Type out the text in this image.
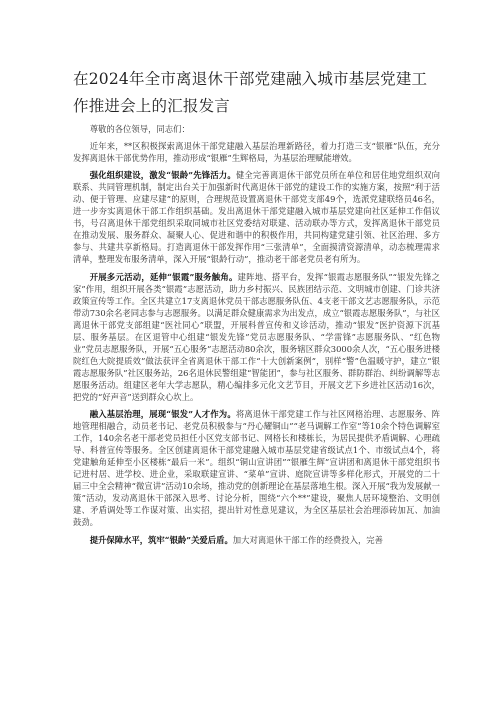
在2024年全市离退休干部党建融入城市基层党建工
作推进会上的汇报发言

尊敬的各位领导，同志们：

近年来，**区积极探索离退休干部党建融入基层治理新路径，着力打造三支“银雁”队伍，充分发挥离退休干部优势作用，推动形成“银雁”生辉格局，为基层治理赋能增效。

强化组织建设，激发“银龄”先锋活力。健全完善离退休干部党员所在单位和居住地党组织双向联系、共同管理机制，制定出台关于加强新时代离退休干部党的建设工作的实施方案，按照“利于活动、便于管理、应建尽建”的原则，合理规范设置离退休干部党支部49个，选派党建联络员46名，进一步夯实离退休干部工作组织基础。发出离退休干部党建融入城市基层党建向社区延伸工作倡议书，号召离退休干部党组织采取同城市社区党委结对联建、活动联办等方式，发挥离退休干部党员在推动发展、服务群众、凝聚人心、促进和谐中的积极作用，共同构建党建引领、社区治理、多方参与、共建共享新格局。打造离退休干部发挥作用“三张清单”，全面摸清资源清单，动态梳理需求清单，整理发布服务清单，深入开展“银龄行动”，推动老干部老党员老有所为。

开展多元活动，延伸“银霞”服务触角。建阵地、搭平台，发挥“银霞志愿服务队”“银发先锋之家”作用，组织开展各类“银霞”志愿活动，助力乡村振兴、民族团结示范、文明城市创建、门诊共济政策宣传等工作。全区共建立17支离退休党员干部志愿服务队伍、4支老干部文艺志愿服务队，示范带动730余名老同志参与志愿服务。以满足群众健康需求为出发点，成立“银霞志愿服务队”，与社区离退休干部党支部组建“医社同心”联盟，开展科普宣传和义诊活动，推动“银发”医护资源下沉基层、服务基层。在区退管中心组建“银发先锋”党员志愿服务队、“学雷锋”志愿服务队、“红色物业”党员志愿服务队，开展“五心服务”志愿活动80余次，服务辖区群众3000余人次，“五心服务进楼院红色大院提质效”做法获评全省离退休干部工作“十大创新案例”，别样“警”色温暖守护，建立“银霞志愿服务队”社区服务站，26名退休民警组建“智能团”，参与社区服务、群防群治、纠纷调解等志愿服务活动。组建区老年大学志愿队，精心编排多元化文艺节目，开展文艺下乡进社区活动16次，把党的“好声音”送到群众心坎上。

融入基层治理，展现“银发”人才作为。将离退休干部党建工作与社区网格治理、志愿服务、阵地管理相融合，动员老书记、老党员积极参与“丹心耀铜山”“老马调解工作室”等10余个特色调解室工作，140余名老干部老党员担任小区党支部书记、网格长和楼栋长，为居民提供矛盾调解、心理疏导、科普宣传等服务。全区创建离退休干部党建融入城市基层党建省级试点1个、市级试点4个，将党建触角延伸至小区楼栋“最后一米”。组织“铜山宣讲团”“银雁生辉”宣讲团和离退休干部党组织书记进村居、进学校、进企业，采取联建宣讲、“菜单”宣讲、庭院宣讲等多样化形式，开展党的二十届三中全会精神“微宣讲”活动10余场，推动党的创新理论在基层落地生根。深入开展“我为发展献一策”活动，发动离退休干部深入思考、讨论分析，围绕“六个**”建设，聚焦人居环境整治、文明创建、矛盾调处等工作谋对策、出实招，提出针对性意见建议，为全区基层社会治理添砖加瓦、加油鼓劲。

提升保障水平，筑牢“银龄”关爱后盾。加大对离退休干部工作的经费投入，完善
